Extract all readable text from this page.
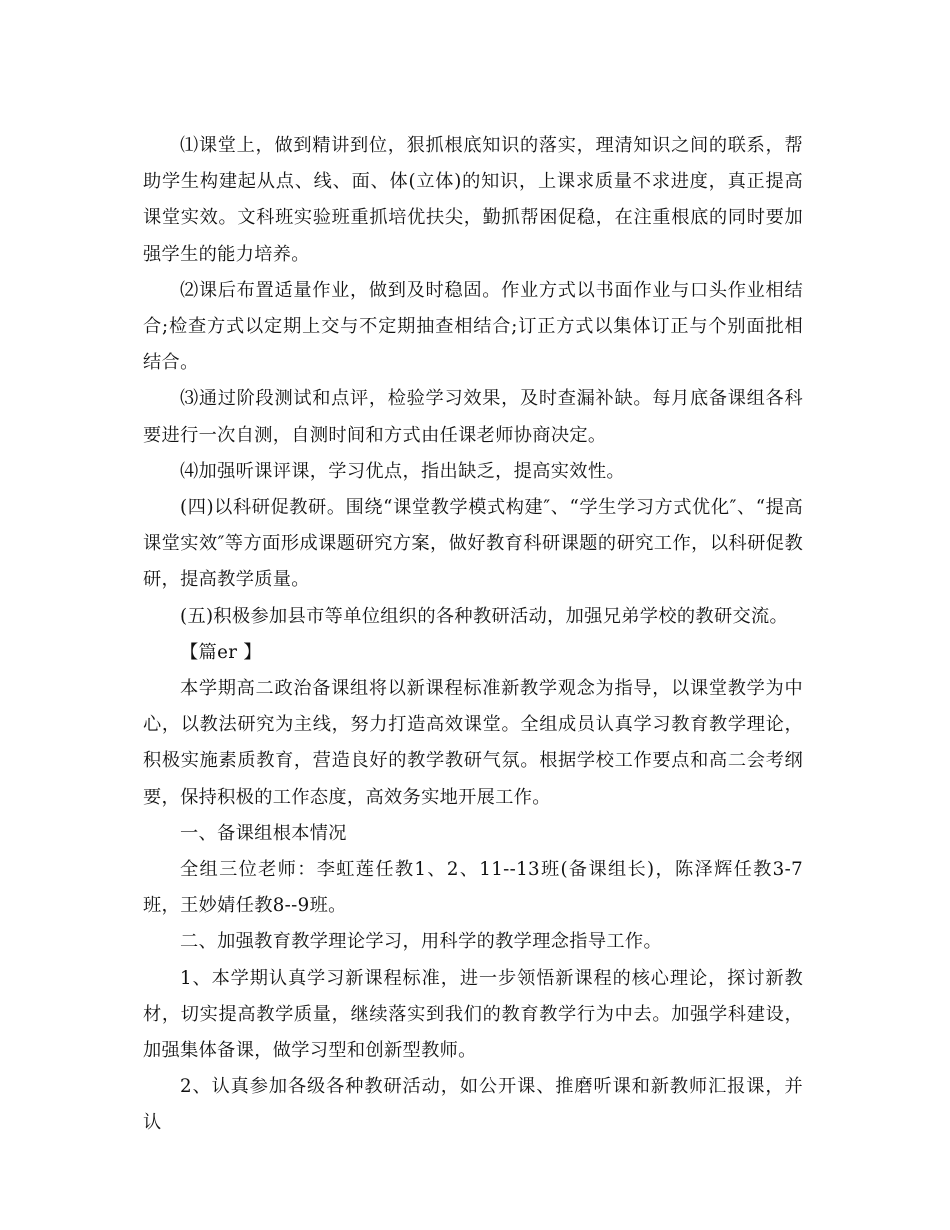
⑴课堂上，做到精讲到位，狠抓根底知识的落实，理清知识之间的联系，帮助学生构建起从点、线、面、体(立体)的知识，上课求质量不求进度，真正提高课堂实效。文科班实验班重抓培优扶尖，勤抓帮困促稳，在注重根底的同时要加强学生的能力培养。

⑵课后布置适量作业，做到及时稳固。作业方式以书面作业与口头作业相结合;检查方式以定期上交与不定期抽查相结合;订正方式以集体订正与个别面批相结合。

⑶通过阶段测试和点评，检验学习效果，及时查漏补缺。每月底备课组各科要进行一次自测，自测时间和方式由任课老师协商决定。

⑷加强听课评课，学习优点，指出缺乏，提高实效性。

(四)以科研促教研。围绕“课堂教学模式构建″、“学生学习方式优化″、“提高课堂实效″等方面形成课题研究方案，做好教育科研课题的研究工作，以科研促教研，提高教学质量。

(五)积极参加县市等单位组织的各种教研活动，加强兄弟学校的教研交流。

【篇er 】

本学期高二政治备课组将以新课程标准新教学观念为指导，以课堂教学为中心，以教法研究为主线，努力打造高效课堂。全组成员认真学习教育教学理论，积极实施素质教育，营造良好的教学教研气氛。根据学校工作要点和高二会考纲要，保持积极的工作态度，高效务实地开展工作。

一、备课组根本情况

全组三位老师：李虹莲任教1、2、11--13班(备课组长)，陈泽辉任教3-7班，王妙婧任教8--9班。

二、加强教育教学理论学习，用科学的教学理念指导工作。

1、本学期认真学习新课程标准，进一步领悟新课程的核心理论，探讨新教材，切实提高教学质量，继续落实到我们的教育教学行为中去。加强学科建设，加强集体备课，做学习型和创新型教师。

2、认真参加各级各种教研活动，如公开课、推磨听课和新教师汇报课，并认
